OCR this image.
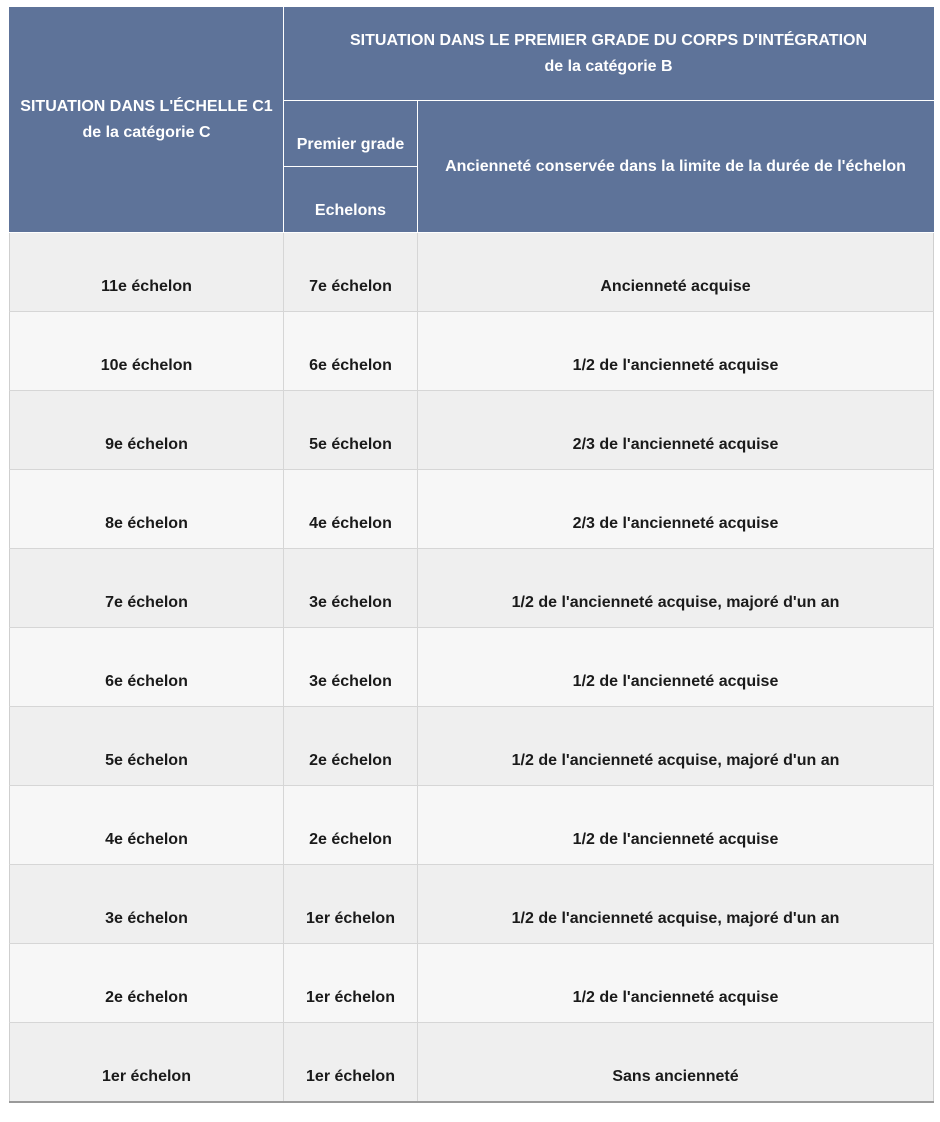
SITUATION DANS L'ÉCHELLE C1
de la catégorie C	SITUATION DANS LE PREMIER GRADE DU CORPS D'INTÉGRATION
de la catégorie B	
	Premier grade	Ancienneté conservée dans la limite de la durée de l'échelon
	Echelons	
11e échelon	7e échelon	Ancienneté acquise
10e échelon	6e échelon	1/2 de l'ancienneté acquise
9e échelon	5e échelon	2/3 de l'ancienneté acquise
8e échelon	4e échelon	2/3 de l'ancienneté acquise
7e échelon	3e échelon	1/2 de l'ancienneté acquise, majoré d'un an
6e échelon	3e échelon	1/2 de l'ancienneté acquise
5e échelon	2e échelon	1/2 de l'ancienneté acquise, majoré d'un an
4e échelon	2e échelon	1/2 de l'ancienneté acquise
3e échelon	1er échelon	1/2 de l'ancienneté acquise, majoré d'un an
2e échelon	1er échelon	1/2 de l'ancienneté acquise
1er échelon	1er échelon	Sans ancienneté
